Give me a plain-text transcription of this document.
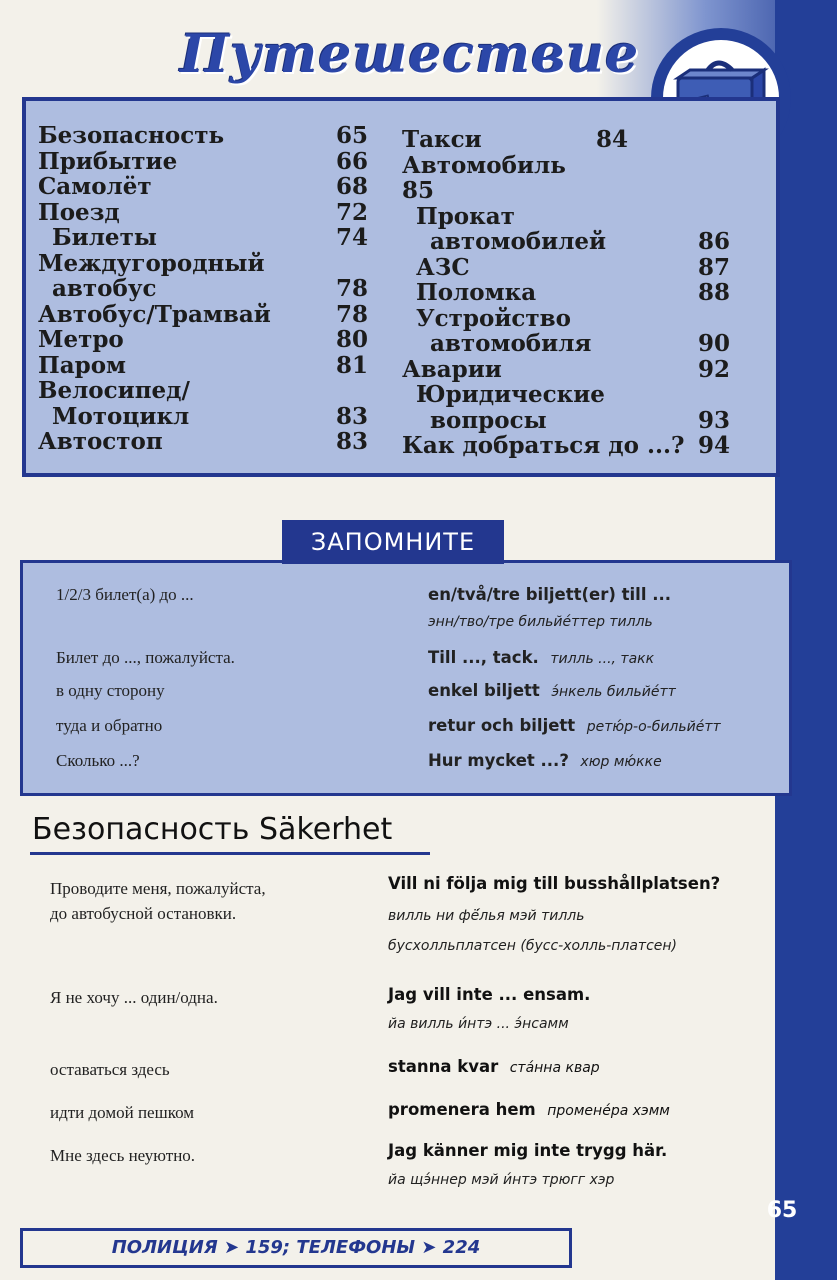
Путешествие
Безопасность	65
Прибытие	66
Самолёт	68
Поезд	72
Билеты	74
Междугородный
автобус	78
Автобус/Трамвай	78
Метро	80
Паром	81
Велосипед/
Мотоцикл	83
Автостоп	83
Такси	84
Автомобиль
85
Прокат
автомобилей	86
АЗС	87
Поломка	88
Устройство
автомобиля	90
Аварии	92
Юридические
вопросы	93
Как добраться до ...? 94
ЗАПОМНИТЕ
1/2/3 билет(а) до ...	en/två/tre biljett(er) till ...
энн/тво/тре бильйе́ттер тилль
Билет до ..., пожалуйста.	Till ..., tack. тилль ..., такк
в одну сторону	enkel biljett э́нкель бильйе́тт
туда и обратно	retur och biljett ретю́р-о-бильйе́тт
Сколько ...?	Hur mycket ...? хюр мю́кке
Безопасность Säkerhet
Проводите меня, пожалуйста,
до автобусной остановки.
Vill ni följa mig till busshållplatsen?
вилль ни фё́лья мэй тилль
бусхолльплатсен (бусс-холль-платсен)
Я не хочу ... один/одна.	Jag vill inte ... ensam.
йа вилль и́нтэ ... э́нсамм
оставаться здесь	stanna kvar ста́нна квар
идти домой пешком	promenera hem промене́ра хэмм
Мне здесь неуютно.	Jag känner mig inte trygg här.
йа щэ́ннер мэй и́нтэ трюгг хэр
65
ПОЛИЦИЯ ➤ 159; ТЕЛЕФОНЫ ➤ 224
